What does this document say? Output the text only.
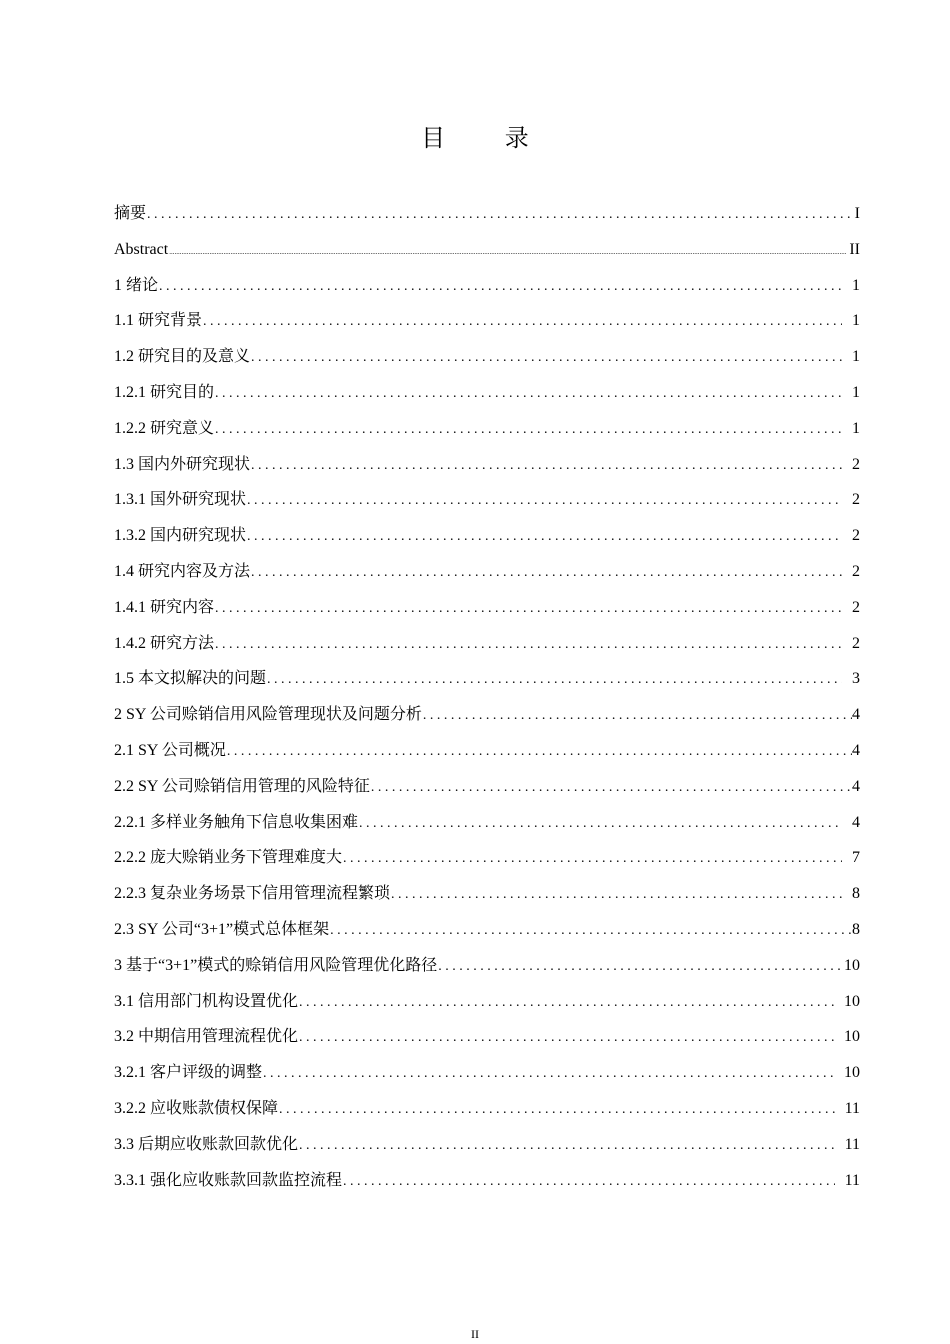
目 录
摘要 . . .	I
Abstract .....	II
1 绪论 . . .	1
1.1 研究背景 . . .	1
1.2 研究目的及意义 . . .	1
1.2.1 研究目的 . . .	1
1.2.2 研究意义 . . .	1
1.3 国内外研究现状 . . .	2
1.3.1 国外研究现状 . . .	2
1.3.2 国内研究现状 . . .	2
1.4 研究内容及方法 . . .	2
1.4.1 研究内容 . . .	2
1.4.2 研究方法 . . .	2
1.5 本文拟解决的问题 . . .	3
2 SY 公司赊销信用风险管理现状及问题分析 . . .	4
2.1 SY 公司概况 . . .	4
2.2 SY 公司赊销信用管理的风险特征 . . .	4
2.2.1 多样业务触角下信息收集困难 . . .	4
2.2.2 庞大赊销业务下管理难度大 . . .	7
2.2.3 复杂业务场景下信用管理流程繁琐 . . .	8
2.3 SY 公司“3+1”模式总体框架 . . .	8
3 基于“3+1”模式的赊销信用风险管理优化路径 . . .	10
3.1 信用部门机构设置优化 . . .	10
3.2 中期信用管理流程优化 . . .	10
3.2.1 客户评级的调整 . . .	10
3.2.2 应收账款债权保障 . . .	11
3.3 后期应收账款回款优化 . . .	11
3.3.1 强化应收账款回款监控流程 . . .	11
II
